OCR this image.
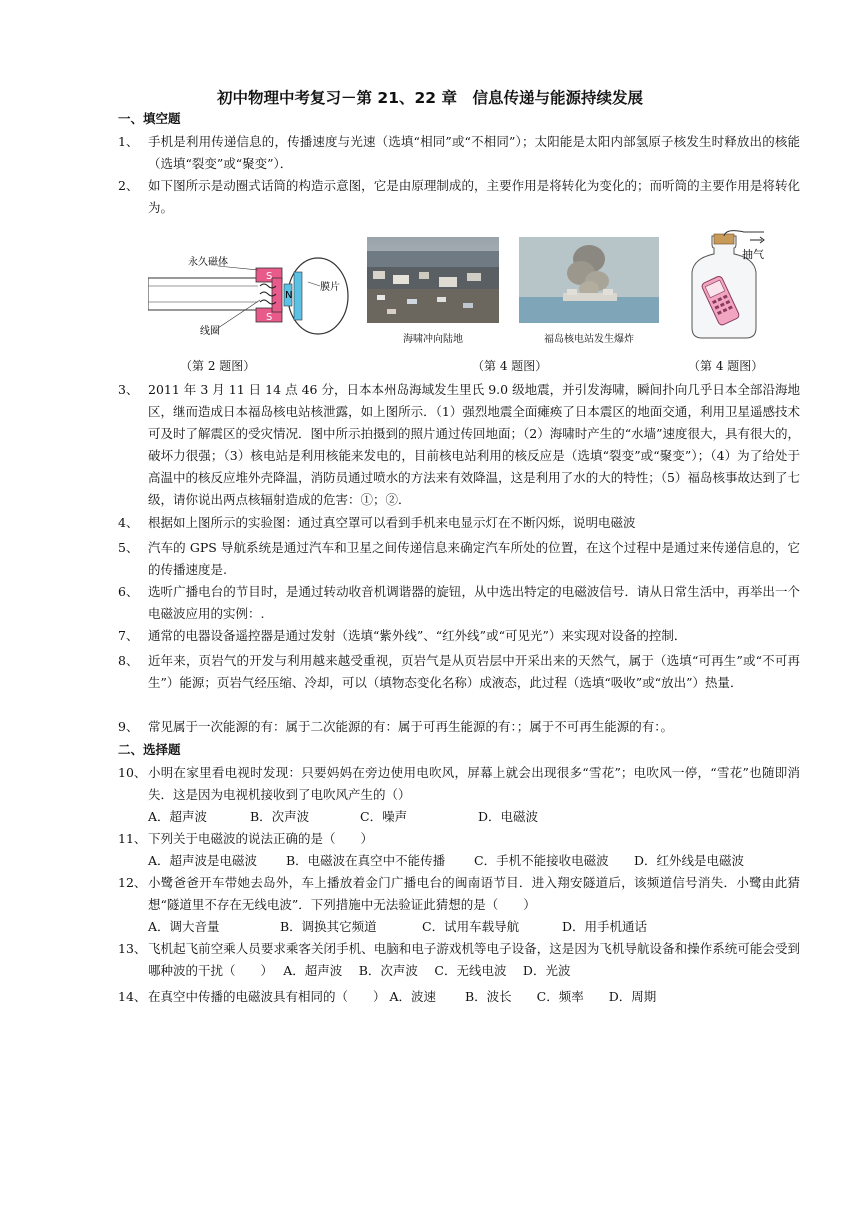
初中物理中考复习－第 21、22 章　信息传递与能源持续发展
一、填空题
1、 手机是利用传递信息的，传播速度与光速（选填“相同”或“不相同”）；太阳能是太阳内部氢原子核发生时释放出的核能（选填“裂变”或“聚变”）．
2、 如下图所示是动圈式话筒的构造示意图，它是由原理制成的，主要作用是将转化为变化的；而听筒的主要作用是将转化为。
永久磁体
膜片
线圈
S
S
N
海啸冲向陆地	福岛核电站发生爆炸
抽气
（第 2 题图）	（第 4 题图）	（第 4 题图）
3、 2011 年 3 月 11 日 14 点 46 分，日本本州岛海域发生里氏 9.0 级地震，并引发海啸，瞬间扑向几乎日本全部沿海地区，继而造成日本福岛核电站核泄露，如上图所示．（1）强烈地震全面瘫痪了日本震区的地面交通，利用卫星遥感技术可及时了解震区的受灾情况．图中所示拍摄到的照片通过传回地面；（2）海啸时产生的“水墙”速度很大，具有很大的，破坏力很强；（3）核电站是利用核能来发电的，目前核电站利用的核反应是（选填“裂变”或“聚变”）；（4）为了给处于高温中的核反应堆外壳降温，消防员通过喷水的方法来有效降温，这是利用了水的大的特性；（5）福岛核事故达到了七级，请你说出两点核辐射造成的危害：①；②．
4、 根据如上图所示的实验图：通过真空罩可以看到手机来电显示灯在不断闪烁，说明电磁波
5、 汽车的 GPS 导航系统是通过汽车和卫星之间传递信息来确定汽车所处的位置，在这个过程中是通过来传递信息的，它的传播速度是.
6、 选听广播电台的节目时，是通过转动收音机调谐器的旋钮，从中选出特定的电磁波信号．请从日常生活中，再举出一个电磁波应用的实例：.
7、 通常的电器设备遥控器是通过发射（选填“紫外线”、“红外线”或“可见光”）来实现对设备的控制．
8、 近年来，页岩气的开发与利用越来越受重视，页岩气是从页岩层中开采出来的天然气，属于（选填“可再生”或“不可再生”）能源；页岩气经压缩、冷却，可以（填物态变化名称）成液态，此过程（选填“吸收”或“放出”）热量．
9、 常见属于一次能源的有：属于二次能源的有：属于可再生能源的有：；属于不可再生能源的有：。
二、选择题
10、 小明在家里看电视时发现：只要妈妈在旁边使用电吹风，屏幕上就会出现很多“雪花”；电吹风一停，“雪花”也随即消失．这是因为电视机接收到了电吹风产生的（）
A．超声波	B．次声波	C．噪声	D．电磁波
11、 下列关于电磁波的说法正确的是（　　）
A．超声波是电磁波 B．电磁波在真空中不能传播 C．手机不能接收电磁波 D．红外线是电磁波
12、 小鹭爸爸开车带她去岛外，车上播放着金门广播电台的闽南语节目．进入翔安隧道后，该频道信号消失．小鹭由此猜想“隧道里不存在无线电波”．下列措施中无法验证此猜想的是（　　）
A．调大音量	B．调换其它频道	C．试用车载导航	D．用手机通话
13、 飞机起飞前空乘人员要求乘客关闭手机、电脑和电子游戏机等电子设备，这是因为飞机导航设备和操作系统可能会受到哪种波的干扰（　　）　 A．超声波　 B．次声波　 C．无线电波　 D．光波
14、 在真空中传播的电磁波具有相同的（　　） A．波速　　 B．波长　　C．频率　　D．周期
